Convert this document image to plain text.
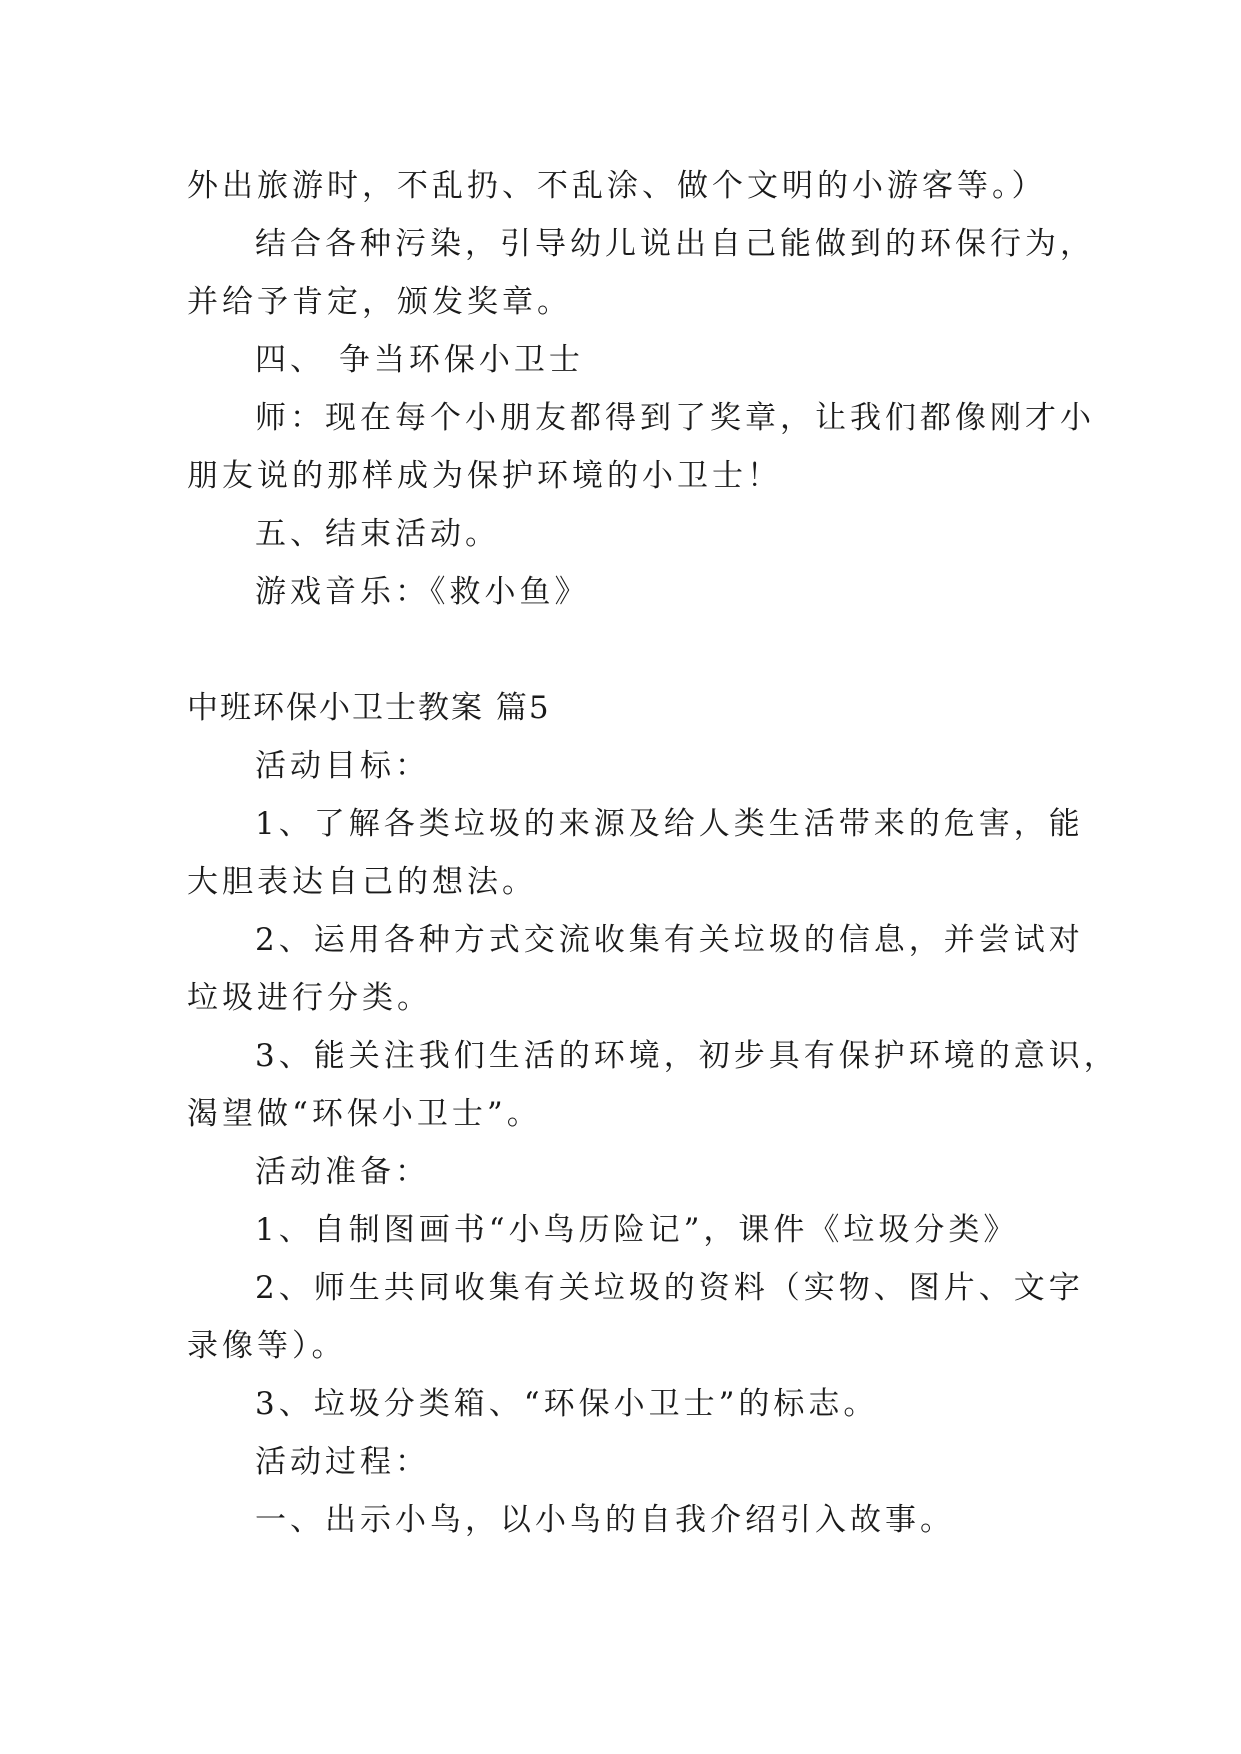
外出旅游时，不乱扔、不乱涂、做个文明的小游客等。）
结合各种污染，引导幼儿说出自己能做到的环保行为，
并给予肯定，颁发奖章。
四、 争当环保小卫士
师：现在每个小朋友都得到了奖章，让我们都像刚才小
朋友说的那样成为保护环境的小卫士！
五、结束活动。
游戏音乐：《救小鱼》
中班环保小卫士教案 篇5
活动目标：
1、了解各类垃圾的来源及给人类生活带来的危害，能
大胆表达自己的想法。
2、运用各种方式交流收集有关垃圾的信息，并尝试对
垃圾进行分类。
3、能关注我们生活的环境，初步具有保护环境的意识，
渴望做“环保小卫士”。
活动准备：
1、自制图画书“小鸟历险记”，课件《垃圾分类》
2、师生共同收集有关垃圾的资料（实物、图片、文字
录像等）。
3、垃圾分类箱、“环保小卫士”的标志。
活动过程：
一、出示小鸟，以小鸟的自我介绍引入故事。
